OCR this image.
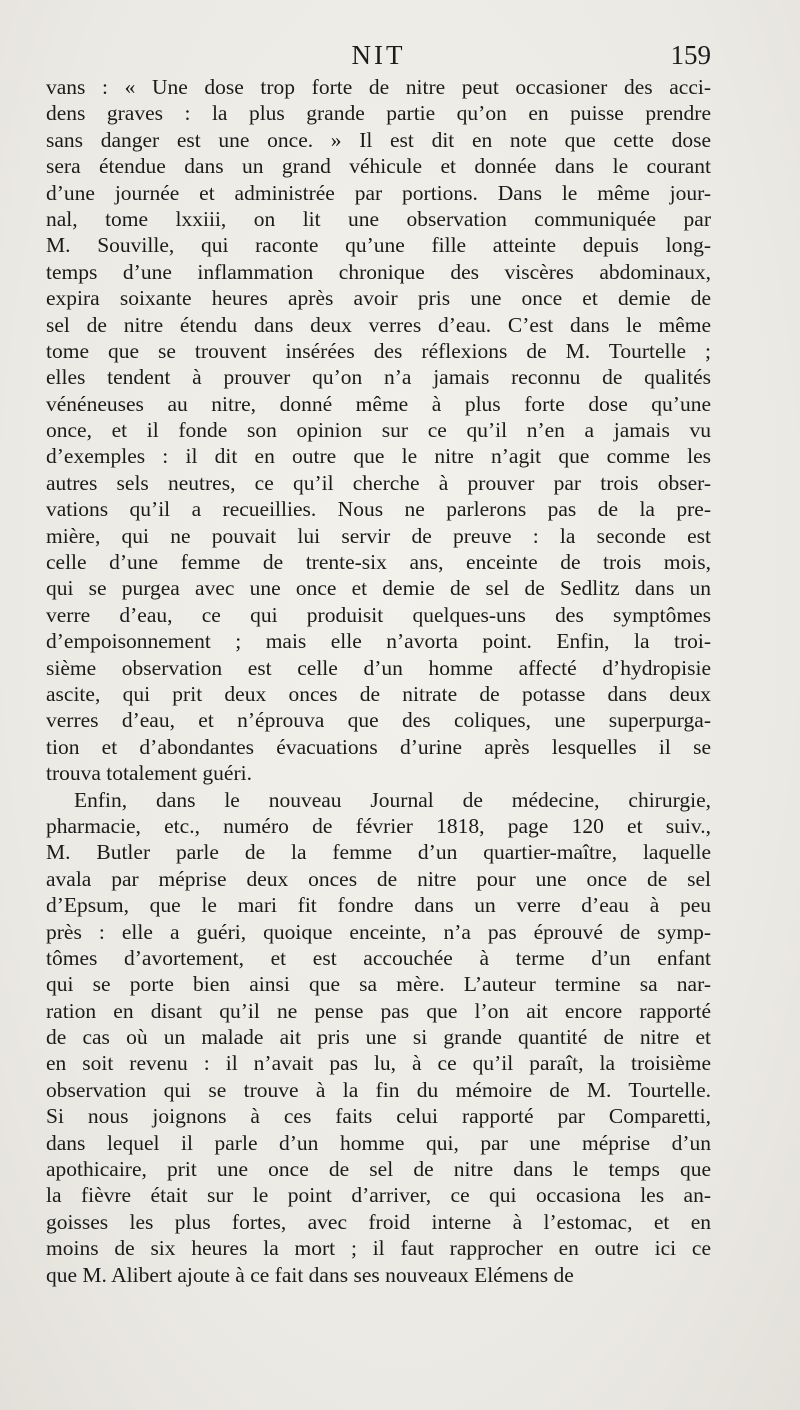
NIT	159
vans : « Une dose trop forte de nitre peut occasioner des acci-
dens graves : la plus grande partie qu’on en puisse prendre
sans danger est une once. » Il est dit en note que cette dose
sera étendue dans un grand véhicule et donnée dans le courant
d’une journée et administrée par portions. Dans le même jour-
nal, tome lxxiii, on lit une observation communiquée par
M. Souville, qui raconte qu’une fille atteinte depuis long-
temps d’une inflammation chronique des viscères abdominaux,
expira soixante heures après avoir pris une once et demie de
sel de nitre étendu dans deux verres d’eau. C’est dans le même
tome que se trouvent insérées des réflexions de M. Tourtelle ;
elles tendent à prouver qu’on n’a jamais reconnu de qualités
vénéneuses au nitre, donné même à plus forte dose qu’une
once, et il fonde son opinion sur ce qu’il n’en a jamais vu
d’exemples : il dit en outre que le nitre n’agit que comme les
autres sels neutres, ce qu’il cherche à prouver par trois obser-
vations qu’il a recueillies. Nous ne parlerons pas de la pre-
mière, qui ne pouvait lui servir de preuve : la seconde est
celle d’une femme de trente-six ans, enceinte de trois mois,
qui se purgea avec une once et demie de sel de Sedlitz dans un
verre d’eau, ce qui produisit quelques-uns des symptômes
d’empoisonnement ; mais elle n’avorta point. Enfin, la troi-
sième observation est celle d’un homme affecté d’hydropisie
ascite, qui prit deux onces de nitrate de potasse dans deux
verres d’eau, et n’éprouva que des coliques, une superpurga-
tion et d’abondantes évacuations d’urine après lesquelles il se
trouva totalement guéri.
Enfin, dans le nouveau Journal de médecine, chirurgie,
pharmacie, etc., numéro de février 1818, page 120 et suiv.,
M. Butler parle de la femme d’un quartier-maître, laquelle
avala par méprise deux onces de nitre pour une once de sel
d’Epsum, que le mari fit fondre dans un verre d’eau à peu
près : elle a guéri, quoique enceinte, n’a pas éprouvé de symp-
tômes d’avortement, et est accouchée à terme d’un enfant
qui se porte bien ainsi que sa mère. L’auteur termine sa nar-
ration en disant qu’il ne pense pas que l’on ait encore rapporté
de cas où un malade ait pris une si grande quantité de nitre et
en soit revenu : il n’avait pas lu, à ce qu’il paraît, la troisième
observation qui se trouve à la fin du mémoire de M. Tourtelle.
Si nous joignons à ces faits celui rapporté par Comparetti,
dans lequel il parle d’un homme qui, par une méprise d’un
apothicaire, prit une once de sel de nitre dans le temps que
la fièvre était sur le point d’arriver, ce qui occasiona les an-
goisses les plus fortes, avec froid interne à l’estomac, et en
moins de six heures la mort ; il faut rapprocher en outre ici ce
que M. Alibert ajoute à ce fait dans ses nouveaux Elémens de
